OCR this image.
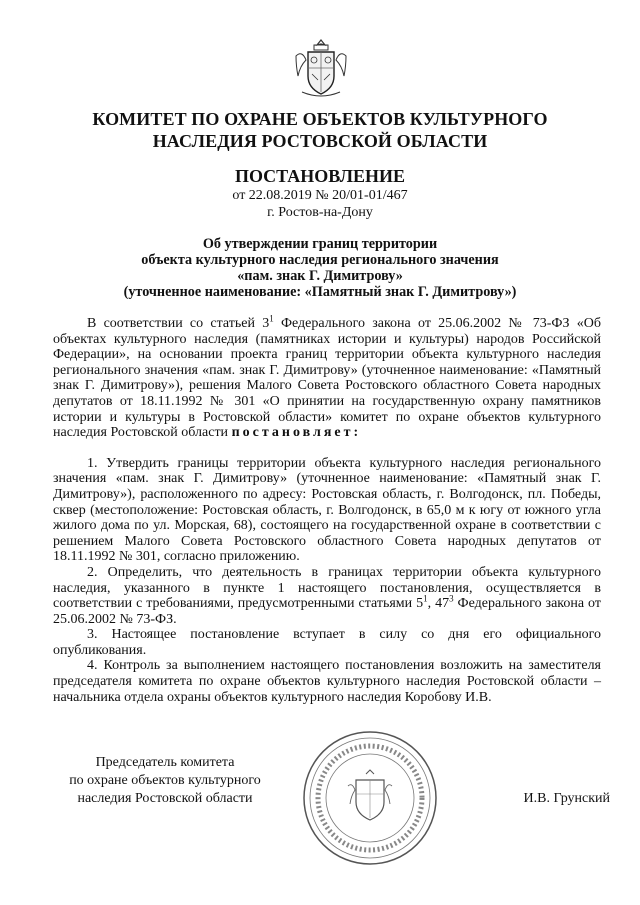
КОМИТЕТ ПО ОХРАНЕ ОБЪЕКТОВ КУЛЬТУРНОГО
НАСЛЕДИЯ РОСТОВСКОЙ ОБЛАСТИ
ПОСТАНОВЛЕНИЕ
от 22.08.2019 № 20/01-01/467
г. Ростов-на-Дону
Об утверждении границ территории
объекта культурного наследия регионального значения
«пам. знак Г. Димитрову»
(уточненное наименование: «Памятный знак Г. Димитрову»)

В соответствии со статьей $3^1$ Федерального закона от 25.06.2002 № 73-ФЗ «Об объектах культурного наследия (памятниках истории и культуры) народов Российской Федерации», на основании проекта границ территории объекта культурного наследия регионального значения «пам. знак Г. Димитрову» (уточненное наименование: «Памятный знак Г. Димитрову»), решения Малого Совета Ростовского областного Совета народных депутатов от 18.11.1992 № 301 «О принятии на государственную охрану памятников истории и культуры в Ростовской области» комитет по охране объектов культурного наследия Ростовской области постановляет:

1. Утвердить границы территории объекта культурного наследия регионального значения «пам. знак Г. Димитрову» (уточненное наименование: «Памятный знак Г. Димитрову»), расположенного по адресу: Ростовская область, г. Волгодонск, пл. Победы, сквер (местоположение: Ростовская область, г. Волгодонск, в 65,0 м к югу от южного угла жилого дома по ул. Морская, 68), состоящего на государственной охране в соответствии с решением Малого Совета Ростовского областного Совета народных депутатов от 18.11.1992 № 301, согласно приложению.

2. Определить, что деятельность в границах территории объекта культурного наследия, указанного в пункте 1 настоящего постановления, осуществляется в соответствии с требованиями, предусмотренными статьями $5^1$, $47^3$ Федерального закона от 25.06.2002 № 73-ФЗ.

3. Настоящее постановление вступает в силу со дня его официального опубликования.

4. Контроль за выполнением настоящего постановления возложить на заместителя председателя комитета по охране объектов культурного наследия Ростовской области – начальника отдела охраны объектов культурного наследия Коробову И.В.

Председатель комитета
по охране объектов культурного
наследия Ростовской области	И.В. Грунский
